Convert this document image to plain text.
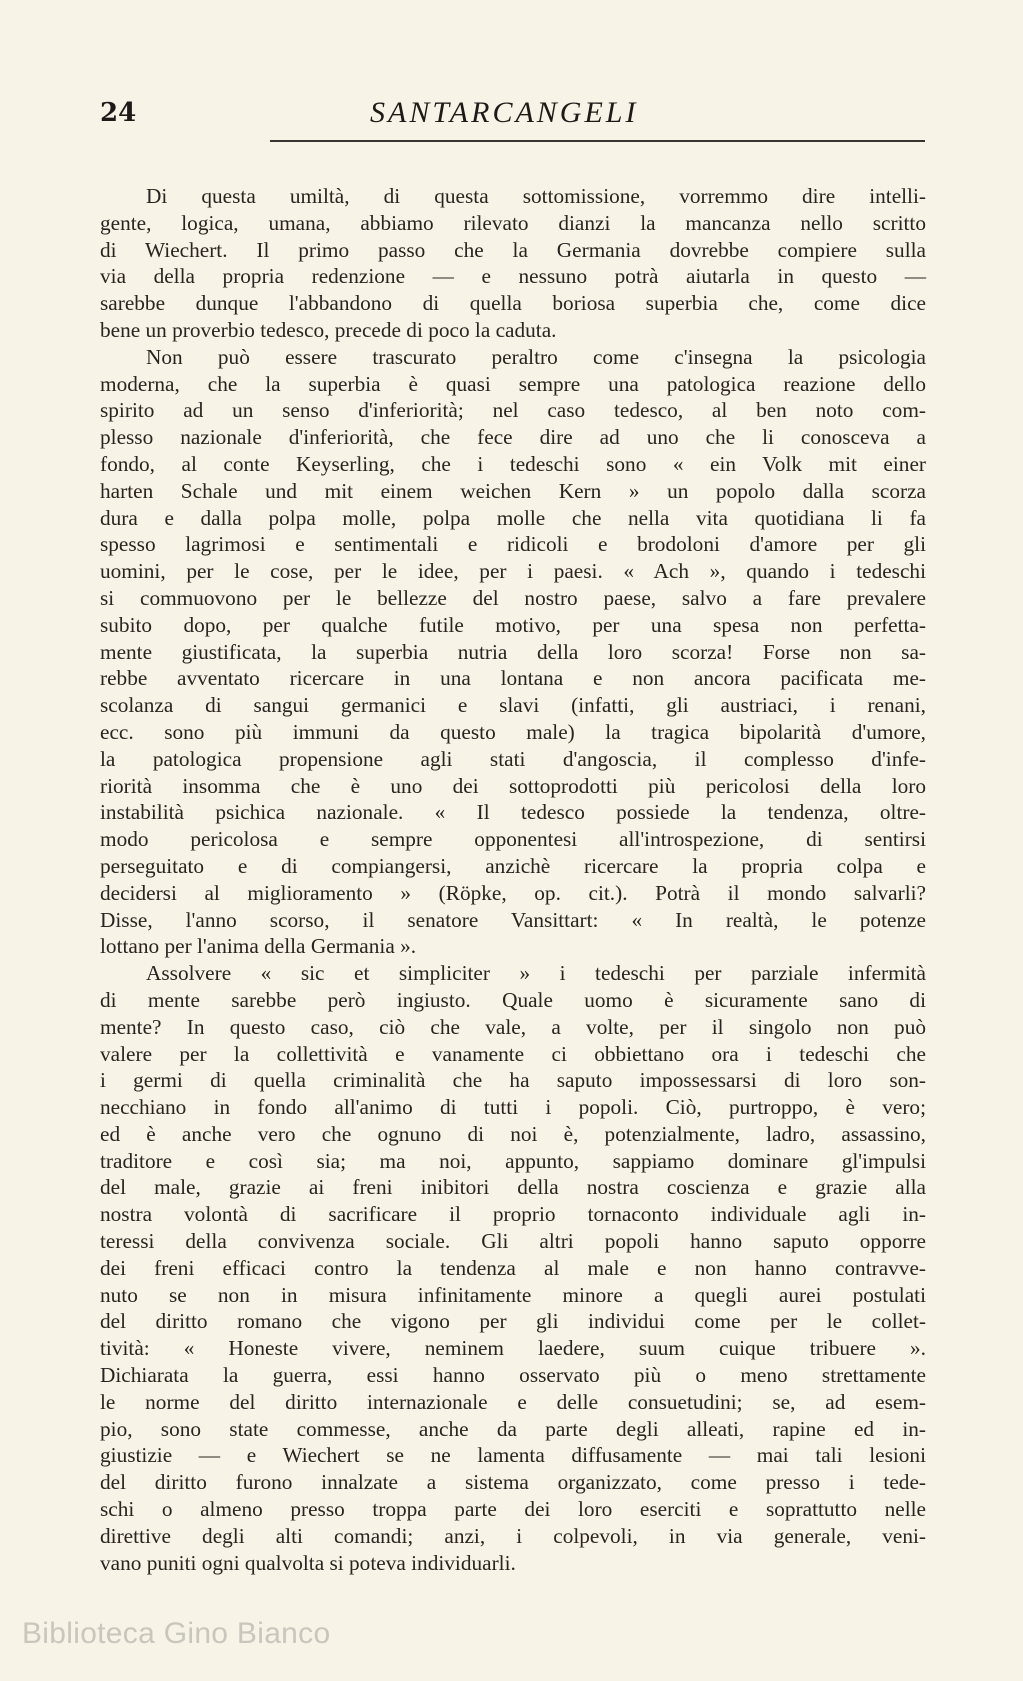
24	SANTARCANGELI
Di questa umiltà, di questa sottomissione, vorremmo dire intelli-
gente, logica, umana, abbiamo rilevato dianzi la mancanza nello scritto
di Wiechert. Il primo passo che la Germania dovrebbe compiere sulla
via della propria redenzione — e nessuno potrà aiutarla in questo —
sarebbe dunque l'abbandono di quella boriosa superbia che, come dice
bene un proverbio tedesco, precede di poco la caduta.
Non può essere trascurato peraltro come c'insegna la psicologia
moderna, che la superbia è quasi sempre una patologica reazione dello
spirito ad un senso d'inferiorità; nel caso tedesco, al ben noto com-
plesso nazionale d'inferiorità, che fece dire ad uno che li conosceva a
fondo, al conte Keyserling, che i tedeschi sono « ein Volk mit einer
harten Schale und mit einem weichen Kern » un popolo dalla scorza
dura e dalla polpa molle, polpa molle che nella vita quotidiana li fa
spesso lagrimosi e sentimentali e ridicoli e brodoloni d'amore per gli
uomini, per le cose, per le idee, per i paesi. « Ach », quando i tedeschi
si commuovono per le bellezze del nostro paese, salvo a fare prevalere
subito dopo, per qualche futile motivo, per una spesa non perfetta-
mente giustificata, la superbia nutria della loro scorza! Forse non sa-
rebbe avventato ricercare in una lontana e non ancora pacificata me-
scolanza di sangui germanici e slavi (infatti, gli austriaci, i renani,
ecc. sono più immuni da questo male) la tragica bipolarità d'umore,
la patologica propensione agli stati d'angoscia, il complesso d'infe-
riorità insomma che è uno dei sottoprodotti più pericolosi della loro
instabilità psichica nazionale. « Il tedesco possiede la tendenza, oltre-
modo pericolosa e sempre opponentesi all'introspezione, di sentirsi
perseguitato e di compiangersi, anzichè ricercare la propria colpa e
decidersi al miglioramento » (Röpke, op. cit.). Potrà il mondo salvarli?
Disse, l'anno scorso, il senatore Vansittart: « In realtà, le potenze
lottano per l'anima della Germania ».
Assolvere « sic et simpliciter » i tedeschi per parziale infermità
di mente sarebbe però ingiusto. Quale uomo è sicuramente sano di
mente? In questo caso, ciò che vale, a volte, per il singolo non può
valere per la collettività e vanamente ci obbiettano ora i tedeschi che
i germi di quella criminalità che ha saputo impossessarsi di loro son-
necchiano in fondo all'animo di tutti i popoli. Ciò, purtroppo, è vero;
ed è anche vero che ognuno di noi è, potenzialmente, ladro, assassino,
traditore e così sia; ma noi, appunto, sappiamo dominare gl'impulsi
del male, grazie ai freni inibitori della nostra coscienza e grazie alla
nostra volontà di sacrificare il proprio tornaconto individuale agli in-
teressi della convivenza sociale. Gli altri popoli hanno saputo opporre
dei freni efficaci contro la tendenza al male e non hanno contravve-
nuto se non in misura infinitamente minore a quegli aurei postulati
del diritto romano che vigono per gli individui come per le collet-
tività: « Honeste vivere, neminem laedere, suum cuique tribuere ».
Dichiarata la guerra, essi hanno osservato più o meno strettamente
le norme del diritto internazionale e delle consuetudini; se, ad esem-
pio, sono state commesse, anche da parte degli alleati, rapine ed in-
giustizie — e Wiechert se ne lamenta diffusamente — mai tali lesioni
del diritto furono innalzate a sistema organizzato, come presso i tede-
schi o almeno presso troppa parte dei loro eserciti e soprattutto nelle
direttive degli alti comandi; anzi, i colpevoli, in via generale, veni-
vano puniti ogni qualvolta si poteva individuarli.
Biblioteca Gino Bianco
